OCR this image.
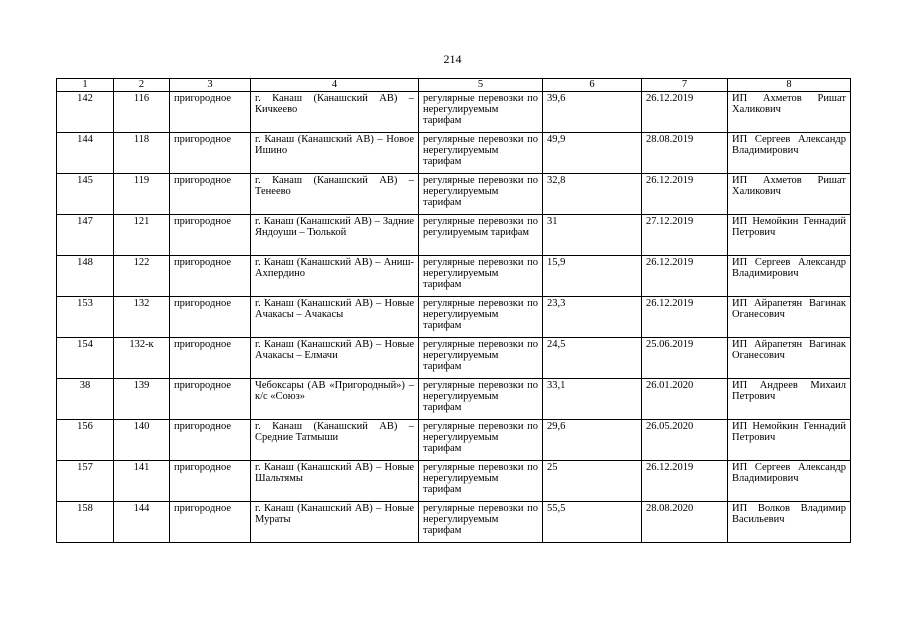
214
1	2	3	4	5	6	7	8
142	116	пригородное	г. Канаш (Канашский АВ) – Кичкеево	регулярные перевозки по нерегулируемым тарифам	39,6	26.12.2019	ИП Ахметов Ришат Халикович
144	118	пригородное	г. Канаш (Канашский АВ) – Новое Ишино	регулярные перевозки по нерегулируемым тарифам	49,9	28.08.2019	ИП Сергеев Александр Владимирович
145	119	пригородное	г. Канаш (Канашский АВ) – Тенеево	регулярные перевозки по нерегулируемым тарифам	32,8	26.12.2019	ИП Ахметов Ришат Халикович
147	121	пригородное	г. Канаш (Канашский АВ) – Задние Яндоуши – Тюлькой	регулярные перевозки по регулируемым тарифам	31	27.12.2019	ИП Немойкин Геннадий Петрович
148	122	пригородное	г. Канаш (Канашский АВ) – Аниш-Ахпердино	регулярные перевозки по нерегулируемым тарифам	15,9	26.12.2019	ИП Сергеев Александр Владимирович
153	132	пригородное	г. Канаш (Канашский АВ) – Новые Ачакасы – Ачакасы	регулярные перевозки по нерегулируемым тарифам	23,3	26.12.2019	ИП Айрапетян Вагинак Оганесович
154	132-к	пригородное	г. Канаш (Канашский АВ) – Новые Ачакасы – Елмачи	регулярные перевозки по нерегулируемым тарифам	24,5	25.06.2019	ИП Айрапетян Вагинак Оганесович
38	139	пригородное	Чебоксары (АВ «Пригородный») – к/с «Союз»	регулярные перевозки по нерегулируемым тарифам	33,1	26.01.2020	ИП Андреев Михаил Петрович
156	140	пригородное	г. Канаш (Канашский АВ) – Средние Татмыши	регулярные перевозки по нерегулируемым тарифам	29,6	26.05.2020	ИП Немойкин Геннадий Петрович
157	141	пригородное	г. Канаш (Канашский АВ) – Новые Шальтямы	регулярные перевозки по нерегулируемым тарифам	25	26.12.2019	ИП Сергеев Александр Владимирович
158	144	пригородное	г. Канаш (Канашский АВ) – Новые Мураты	регулярные перевозки по нерегулируемым тарифам	55,5	28.08.2020	ИП Волков Владимир Васильевич
